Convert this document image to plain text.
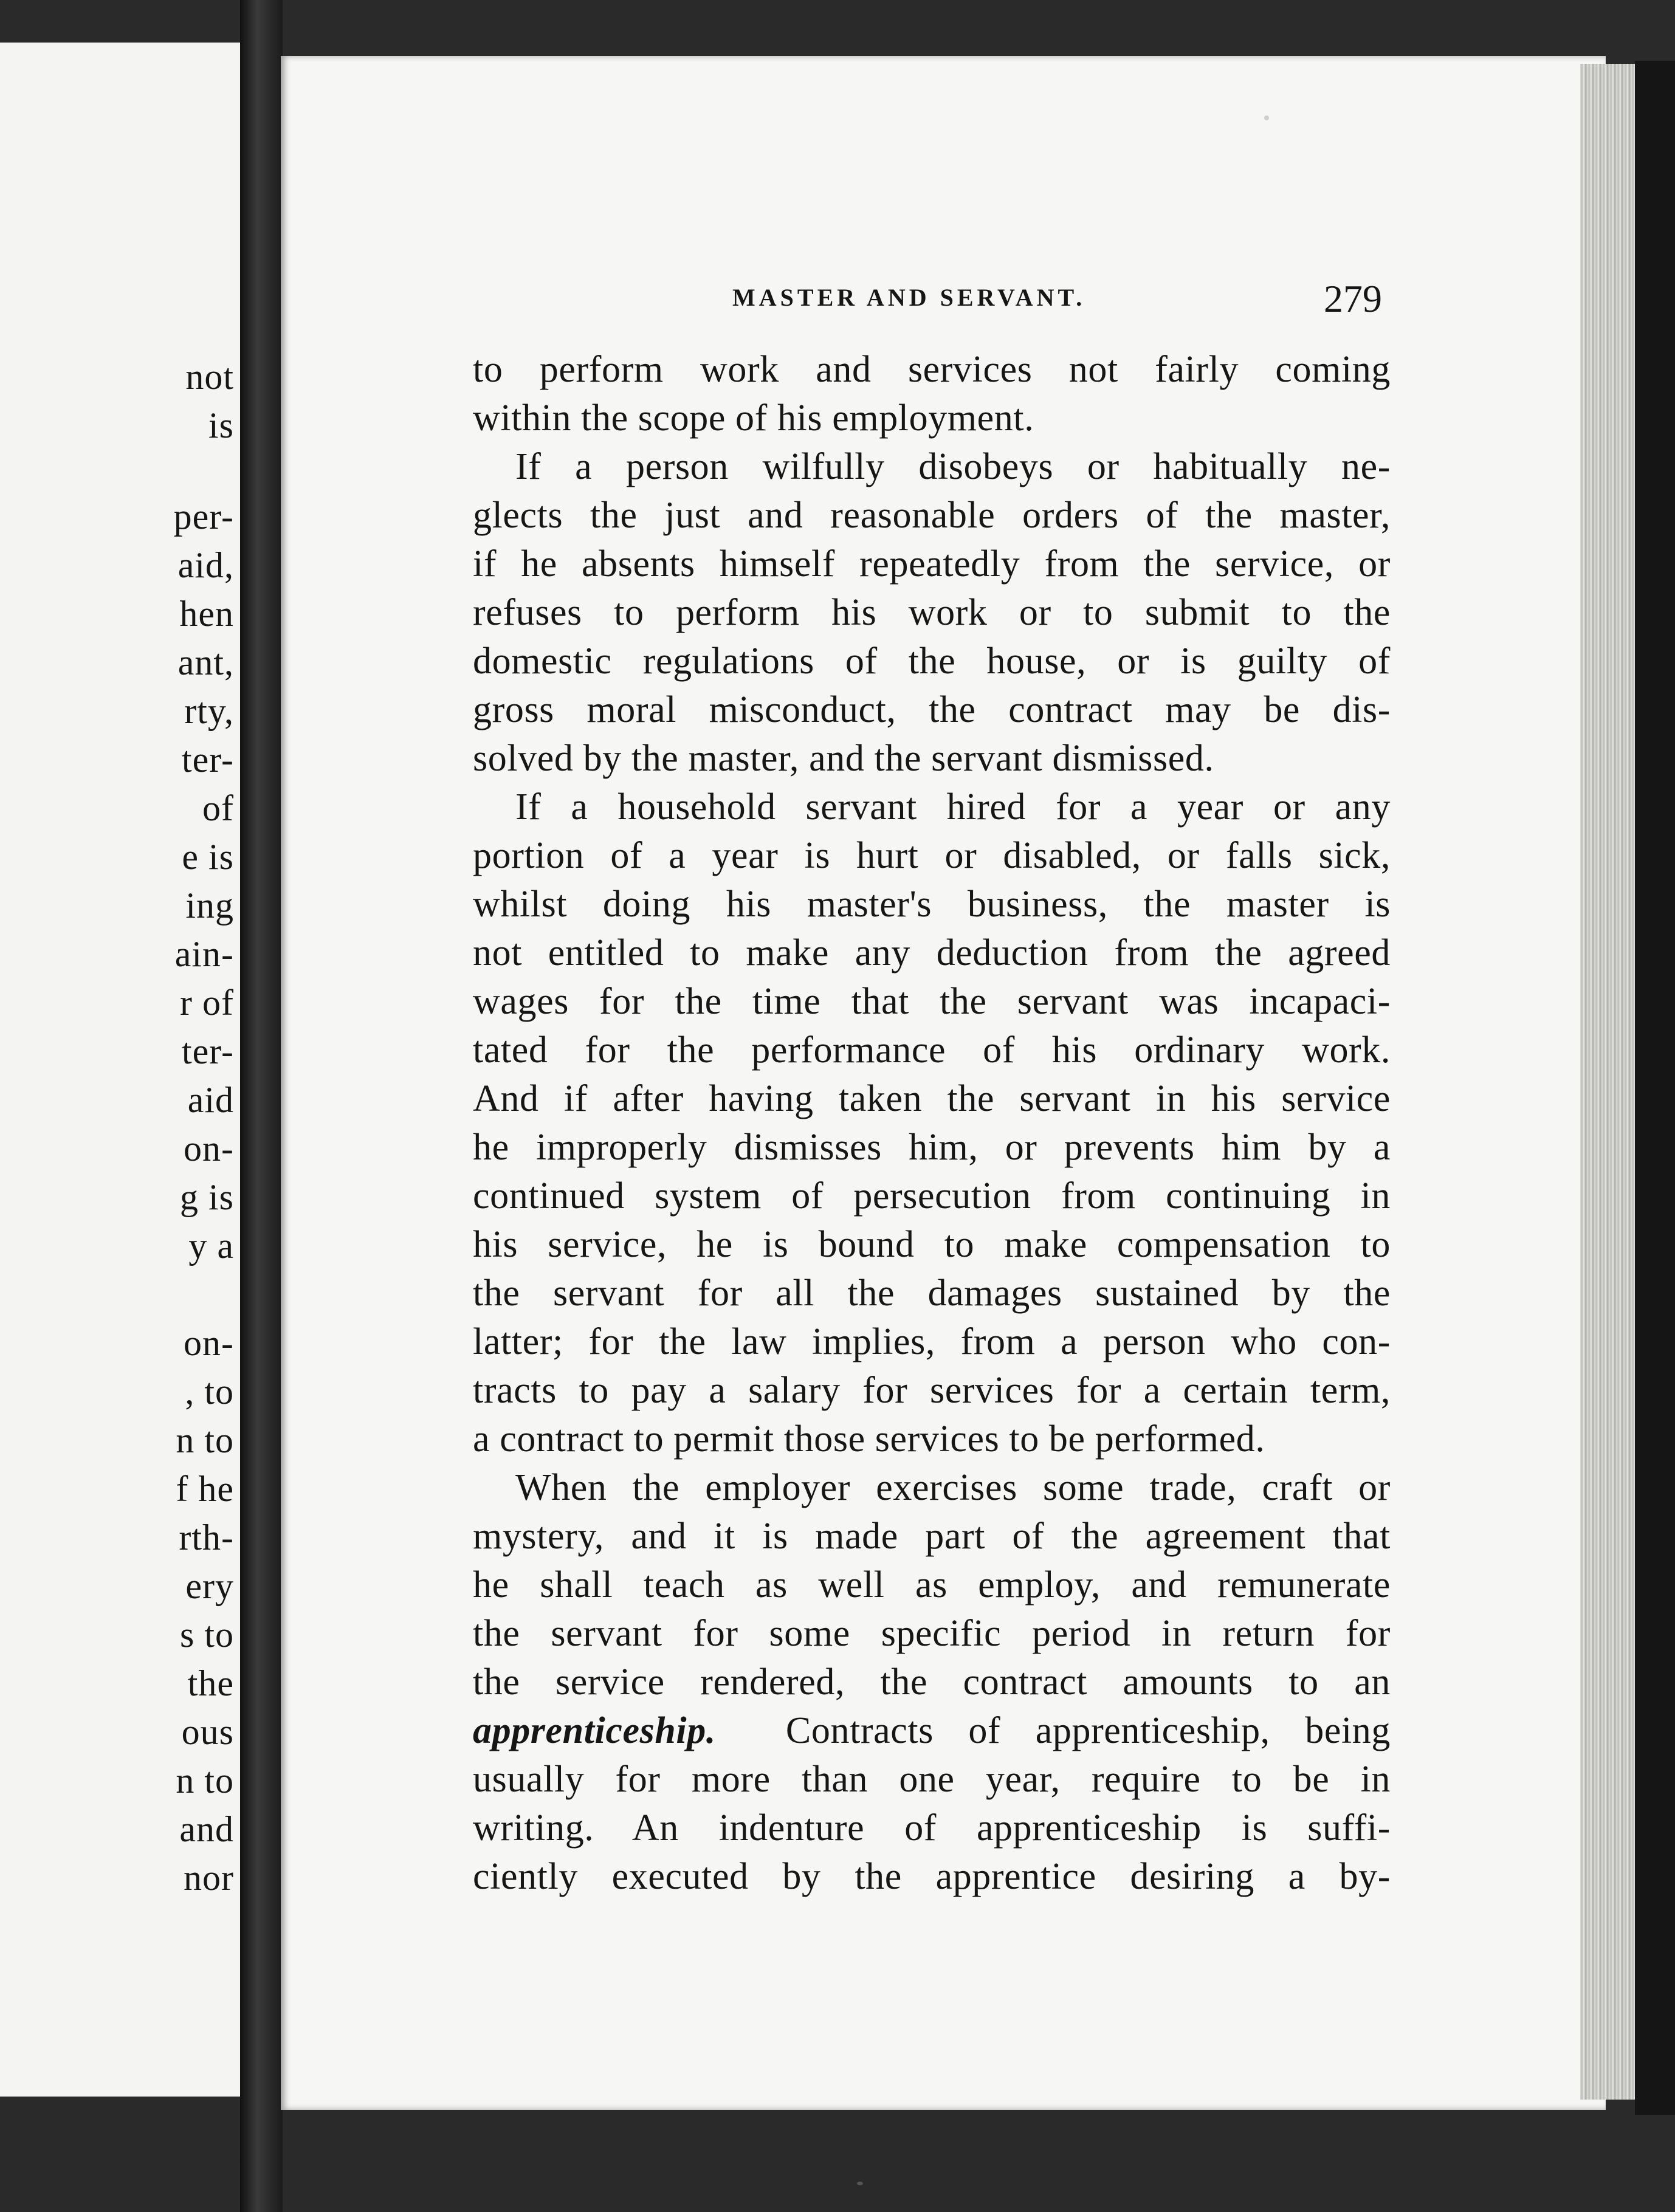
not
is
per-
aid,
hen
ant,
rty,
ter-
of
e is
ing
ain-
r of
ter-
aid
on-
g is
y a
on-
, to
n to
f he
rth-
ery
s to
the
ous
n to
and
nor
MASTER AND SERVANT.	279
to perform work and services not fairly coming
within the scope of his employment.
If a person wilfully disobeys or habitually ne-
glects the just and reasonable orders of the master,
if he absents himself repeatedly from the service, or
refuses to perform his work or to submit to the
domestic regulations of the house, or is guilty of
gross moral misconduct, the contract may be dis-
solved by the master, and the servant dismissed.
If a household servant hired for a year or any
portion of a year is hurt or disabled, or falls sick,
whilst doing his master's business, the master is
not entitled to make any deduction from the agreed
wages for the time that the servant was incapaci-
tated for the performance of his ordinary work.
And if after having taken the servant in his service
he improperly dismisses him, or prevents him by a
continued system of persecution from continuing in
his service, he is bound to make compensation to
the servant for all the damages sustained by the
latter; for the law implies, from a person who con-
tracts to pay a salary for services for a certain term,
a contract to permit those services to be performed.
When the employer exercises some trade, craft or
mystery, and it is made part of the agreement that
he shall teach as well as employ, and remunerate
the servant for some specific period in return for
the service rendered, the contract amounts to an
apprenticeship. Contracts of apprenticeship, being
usually for more than one year, require to be in
writing. An indenture of apprenticeship is suffi-
ciently executed by the apprentice desiring a by-
